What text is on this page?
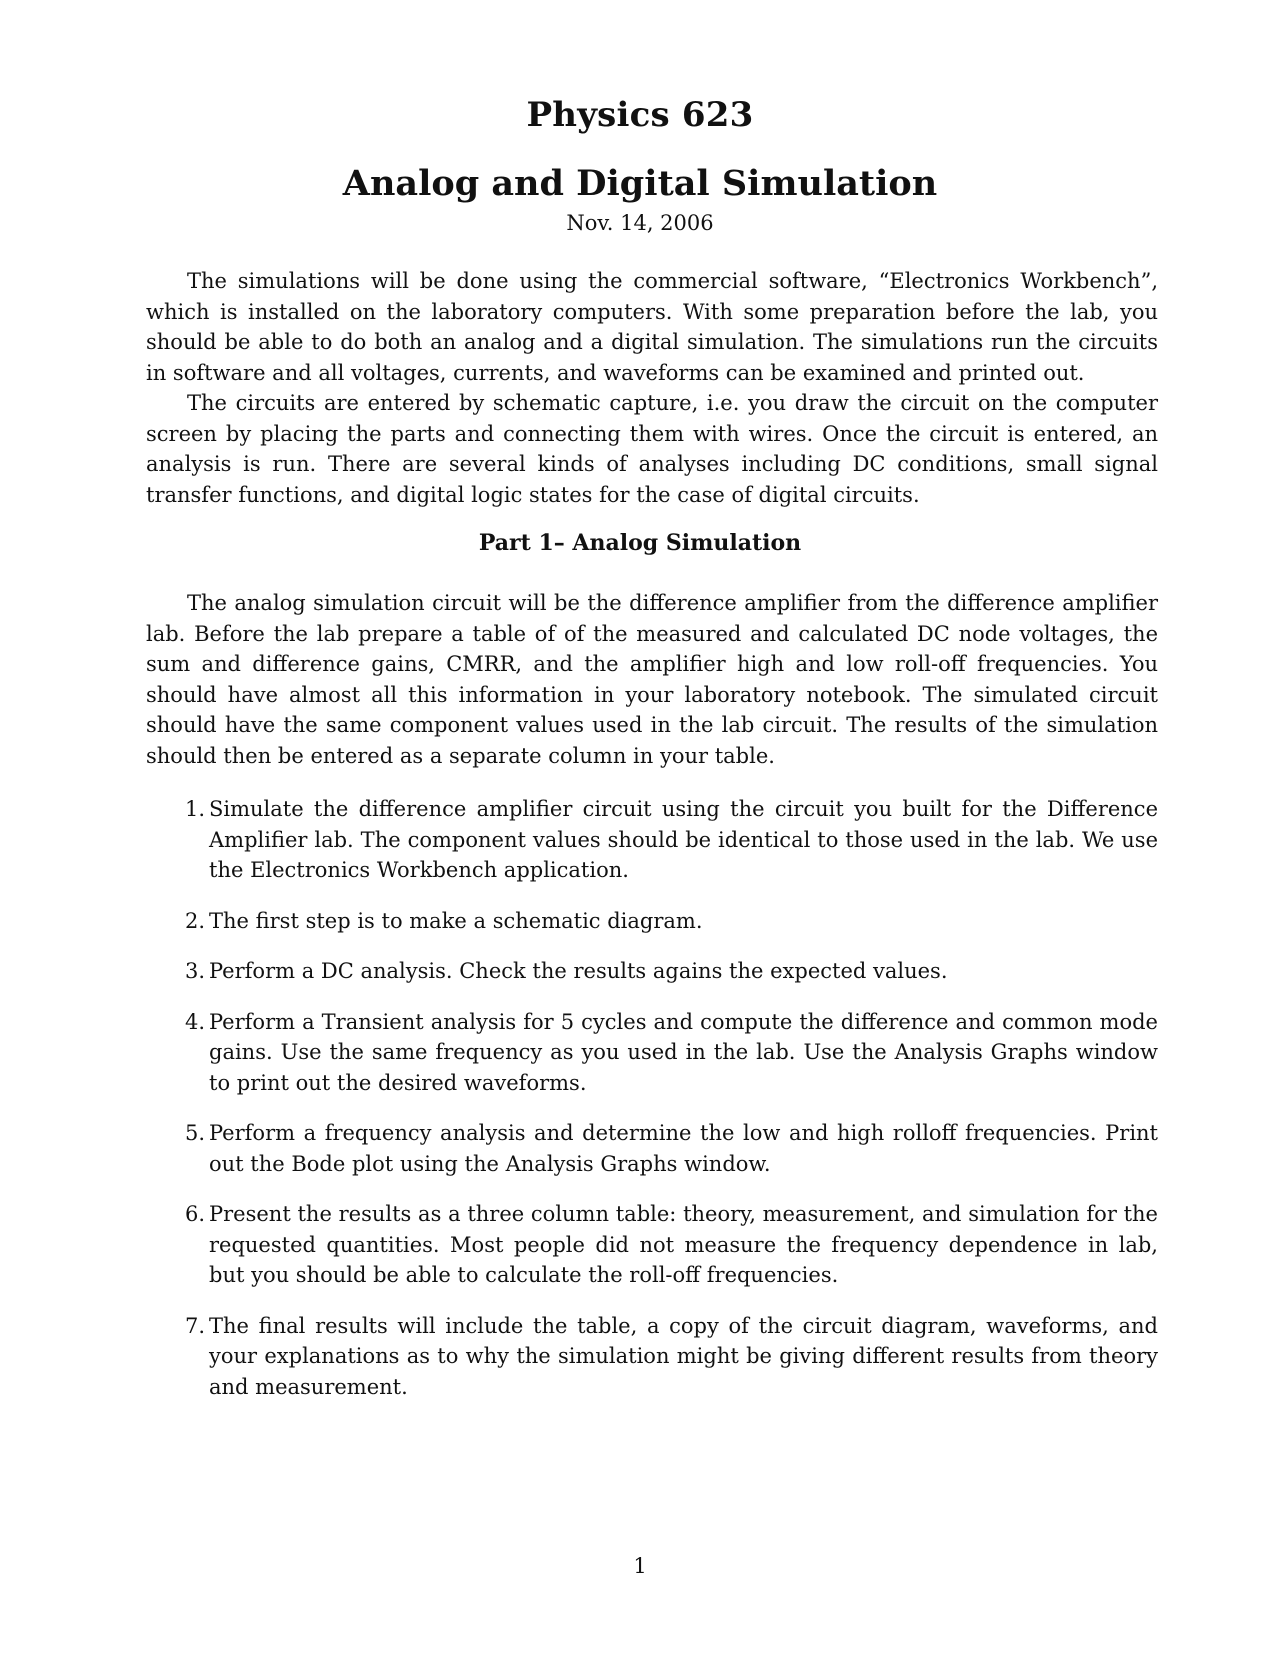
Physics 623
Analog and Digital Simulation
Nov. 14, 2006

The simulations will be done using the commercial software, “Electronics Workbench”, which is installed on the laboratory computers. With some preparation before the lab, you should be able to do both an analog and a digital simulation. The simulations run the circuits in software and all voltages, currents, and waveforms can be examined and printed out.

The circuits are entered by schematic capture, i.e. you draw the circuit on the computer screen by placing the parts and connecting them with wires. Once the circuit is entered, an analysis is run. There are several kinds of analyses including DC conditions, small signal transfer functions, and digital logic states for the case of digital circuits.

Part 1– Analog Simulation

The analog simulation circuit will be the difference amplifier from the difference amplifier lab. Before the lab prepare a table of of the measured and calculated DC node voltages, the sum and difference gains, CMRR, and the amplifier high and low roll-off frequencies. You should have almost all this information in your laboratory notebook. The simulated circuit should have the same component values used in the lab circuit. The results of the simulation should then be entered as a separate column in your table.

1. Simulate the difference amplifier circuit using the circuit you built for the Difference Amplifier lab. The component values should be identical to those used in the lab. We use the Electronics Workbench application.
2. The first step is to make a schematic diagram.
3. Perform a DC analysis. Check the results agains the expected values.
4. Perform a Transient analysis for 5 cycles and compute the difference and common mode gains. Use the same frequency as you used in the lab. Use the Analysis Graphs window to print out the desired waveforms.
5. Perform a frequency analysis and determine the low and high rolloff frequencies. Print out the Bode plot using the Analysis Graphs window.
6. Present the results as a three column table: theory, measurement, and simulation for the requested quantities. Most people did not measure the frequency dependence in lab, but you should be able to calculate the roll-off frequencies.
7. The final results will include the table, a copy of the circuit diagram, waveforms, and your explanations as to why the simulation might be giving different results from theory and measurement.
1
